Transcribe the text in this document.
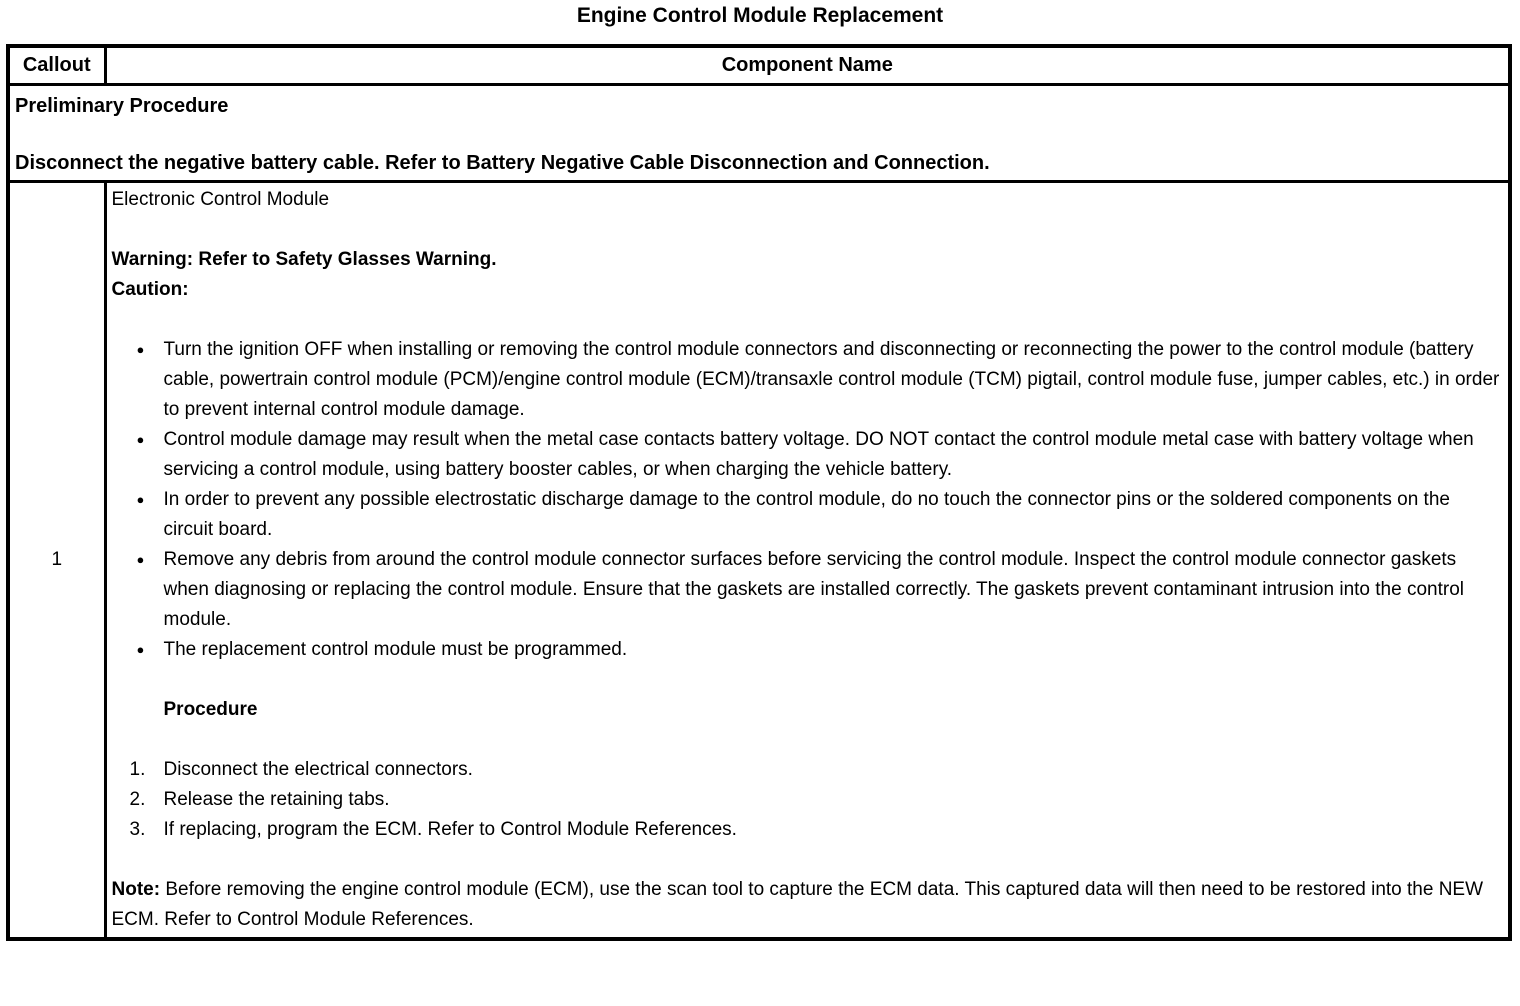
Engine Control Module Replacement
Callout	Component Name

Preliminary Procedure
Disconnect the negative battery cable. Refer to Battery Negative Cable Disconnection and Connection.	

1	
Electronic Control Module
Warning: Refer to Safety Glasses Warning.
Caution:
● Turn the ignition OFF when installing or removing the control module connectors and disconnecting or reconnecting the power to the control module (battery cable, powertrain control module (PCM)/engine control module (ECM)/transaxle control module (TCM) pigtail, control module fuse, jumper cables, etc.) in order to prevent internal control module damage.
● Control module damage may result when the metal case contacts battery voltage. DO NOT contact the control module metal case with battery voltage when servicing a control module, using battery booster cables, or when charging the vehicle battery.
● In order to prevent any possible electrostatic discharge damage to the control module, do no touch the connector pins or the soldered components on the circuit board.
● Remove any debris from around the control module connector surfaces before servicing the control module. Inspect the control module connector gaskets when diagnosing or replacing the control module. Ensure that the gaskets are installed correctly. The gaskets prevent contaminant intrusion into the control module.
● The replacement control module must be programmed.
Procedure
Disconnect the electrical connectors.
Release the retaining tabs.
If replacing, program the ECM. Refer to Control Module References.

Note: Before removing the engine control module (ECM), use the scan tool to capture the ECM data. This captured data will then need to be restored into the NEW ECM. Refer to Control Module References.
